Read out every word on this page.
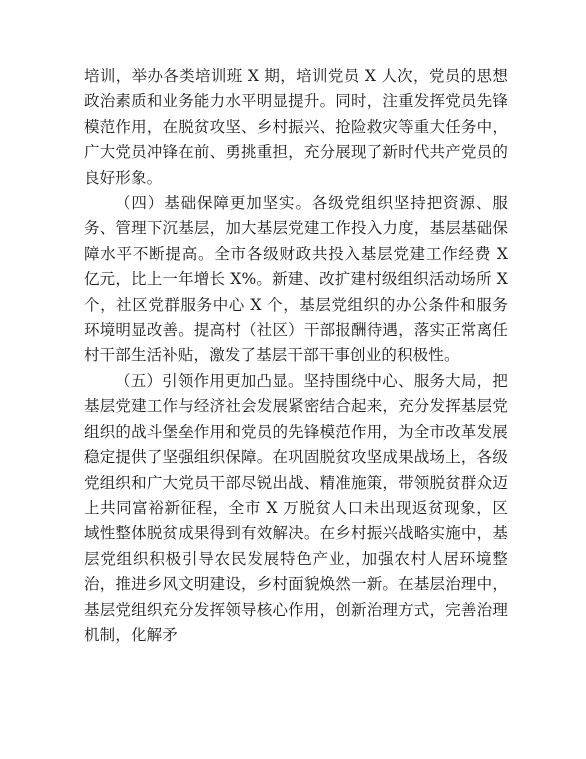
培训，举办各类培训班 X 期，培训党员 X 人次，党员的思想政治素质和业务能力水平明显提升。同时，注重发挥党员先锋模范作用，在脱贫攻坚、乡村振兴、抢险救灾等重大任务中，广大党员冲锋在前、勇挑重担，充分展现了新时代共产党员的良好形象。

（四）基础保障更加坚实。各级党组织坚持把资源、服务、管理下沉基层，加大基层党建工作投入力度，基层基础保障水平不断提高。全市各级财政共投入基层党建工作经费 X 亿元，比上一年增长 X%。新建、改扩建村级组织活动场所 X 个，社区党群服务中心 X 个，基层党组织的办公条件和服务环境明显改善。提高村（社区）干部报酬待遇，落实正常离任村干部生活补贴，激发了基层干部干事创业的积极性。

（五）引领作用更加凸显。坚持围绕中心、服务大局，把基层党建工作与经济社会发展紧密结合起来，充分发挥基层党组织的战斗堡垒作用和党员的先锋模范作用，为全市改革发展稳定提供了坚强组织保障。在巩固脱贫攻坚成果战场上，各级党组织和广大党员干部尽锐出战、精准施策，带领脱贫群众迈上共同富裕新征程，全市 X 万脱贫人口未出现返贫现象，区域性整体脱贫成果得到有效解决。在乡村振兴战略实施中，基层党组织积极引导农民发展特色产业，加强农村人居环境整治，推进乡风文明建设，乡村面貌焕然一新。在基层治理中，基层党组织充分发挥领导核心作用，创新治理方式，完善治理机制，化解矛
